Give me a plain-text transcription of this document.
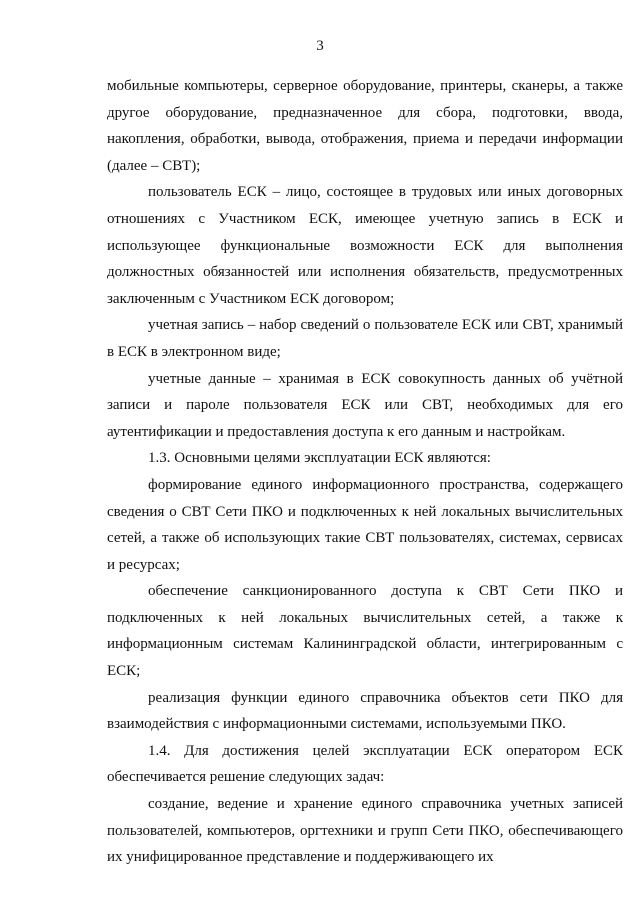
3

мобильные компьютеры, серверное оборудование, принтеры, сканеры, а также другое оборудование, предназначенное для сбора, подготовки, ввода, накопления, обработки, вывода, отображения, приема и передачи информации (далее – СВТ);

пользователь ЕСК – лицо, состоящее в трудовых или иных договорных отношениях с Участником ЕСК, имеющее учетную запись в ЕСК и использующее функциональные возможности ЕСК для выполнения должностных обязанностей или исполнения обязательств, предусмотренных заключенным с Участником ЕСК договором;

учетная запись – набор сведений о пользователе ЕСК или СВТ, хранимый в ЕСК в электронном виде;

учетные данные – хранимая в ЕСК совокупность данных об учётной записи и пароле пользователя ЕСК или СВТ, необходимых для его аутентификации и предоставления доступа к его данным и настройкам.

1.3. Основными целями эксплуатации ЕСК являются:

формирование единого информационного пространства, содержащего сведения о СВТ Сети ПКО и подключенных к ней локальных вычислительных сетей, а также об использующих такие СВТ пользователях, системах, сервисах и ресурсах;

обеспечение санкционированного доступа к СВТ Сети ПКО и подключенных к ней локальных вычислительных сетей, а также к информационным системам Калининградской области, интегрированным с ЕСК;

реализация функции единого справочника объектов сети ПКО для взаимодействия с информационными системами, используемыми ПКО.

1.4. Для достижения целей эксплуатации ЕСК оператором ЕСК обеспечивается решение следующих задач:

создание, ведение и хранение единого справочника учетных записей пользователей, компьютеров, оргтехники и групп Сети ПКО, обеспечивающего их унифицированное представление и поддерживающего их
